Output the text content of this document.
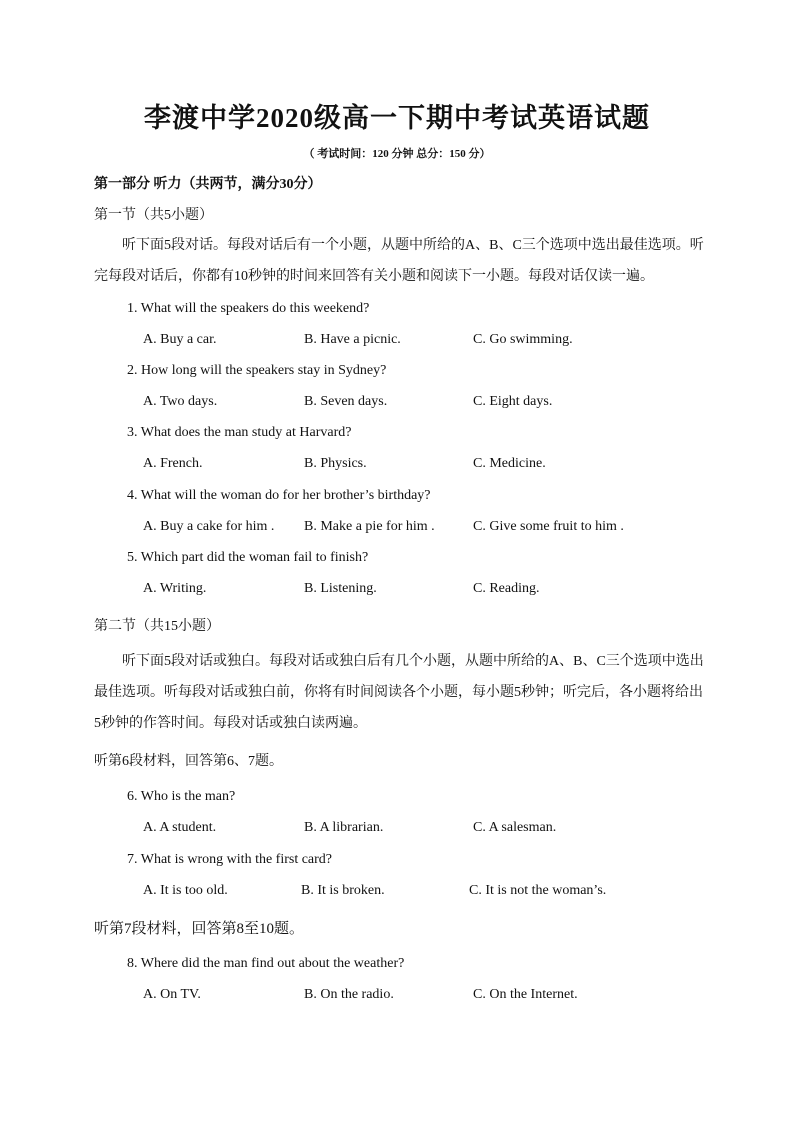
李渡中学2020级高一下期中考试英语试题

（ 考试时间：120 分钟 总分：150 分）

第一部分 听力（共两节，满分30分）

第一节（共5小题）

听下面5段对话。每段对话后有一个小题，从题中所给的A、B、C三个选项中选出最佳选项。听完每段对话后，你都有10秒钟的时间来回答有关小题和阅读下一小题。每段对话仅读一遍。

1. What will the speakers do this weekend?

A. Buy a car.	B. Have a picnic.	C. Go swimming.

2. How long will the speakers stay in Sydney?

A. Two days.	B. Seven days.	C. Eight days.

3. What does the man study at Harvard?

A. French.	B. Physics.	C. Medicine.

4. What will the woman do for her brother’s birthday?

A. Buy a cake for him . B. Make a pie for him .	C. Give some fruit to him .

5. Which part did the woman fail to finish?

A. Writing.	B. Listening.	C. Reading.

第二节（共15小题）

听下面5段对话或独白。每段对话或独白后有几个小题，从题中所给的A、B、C三个选项中选出最佳选项。听每段对话或独白前，你将有时间阅读各个小题，每小题5秒钟；听完后，各小题将给出5秒钟的作答时间。每段对话或独白读两遍。

听第6段材料，回答第6、7题。

6. Who is the man?

A. A student.	B. A librarian.	C. A salesman.

7. What is wrong with the first card?

A. It is too old.	B. It is broken.	C. It is not the woman’s.

听第7段材料，回答第8至10题。

8. Where did the man find out about the weather?

A. On TV.	B. On the radio.	C. On the Internet.
